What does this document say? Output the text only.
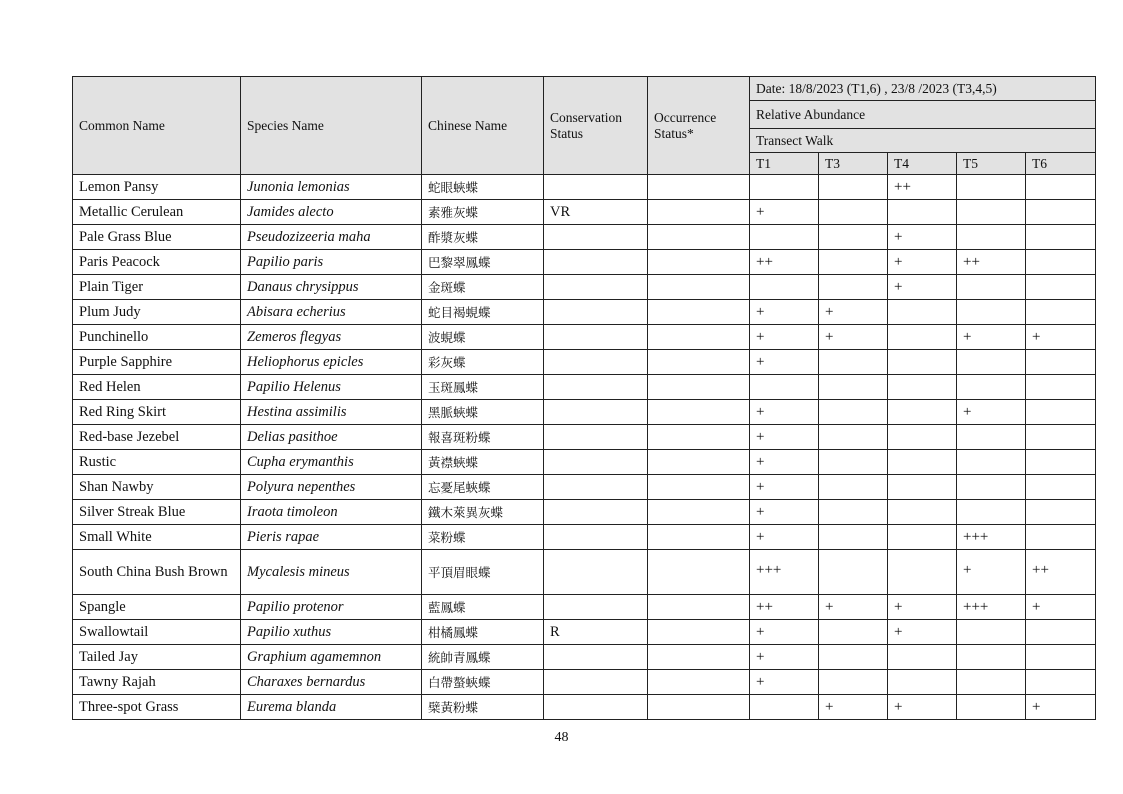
Common Name	Species Name	Chinese Name	Conservation Status	Occurrence Status*	Date: 18/8/2023 (T1,6) , 23/8 /2023 (T3,4,5)				
					Relative Abundance				
					Transect Walk				
					T1	T3	T4	T5	T6
Lemon Pansy	Junonia lemonias	蛇眼蛺蝶					++		
Metallic Cerulean	Jamides alecto	素雅灰蝶	VR		+				
Pale Grass Blue	Pseudozizeeria maha	酢漿灰蝶					+		
Paris Peacock	Papilio paris	巴黎翠鳳蝶			++		+	++	
Plain Tiger	Danaus chrysippus	金斑蝶					+		
Plum Judy	Abisara echerius	蛇目褐蜆蝶			+	+			
Punchinello	Zemeros flegyas	波蜆蝶			+	+		+	+
Purple Sapphire	Heliophorus epicles	彩灰蝶			+				
Red Helen	Papilio Helenus	玉斑鳳蝶							
Red Ring Skirt	Hestina assimilis	黑脈蛺蝶			+			+	
Red-base Jezebel	Delias pasithoe	報喜斑粉蝶			+				
Rustic	Cupha erymanthis	黃襟蛺蝶			+				
Shan Nawby	Polyura nepenthes	忘憂尾蛺蝶			+				
Silver Streak Blue	Iraota timoleon	鐵木萊異灰蝶			+				
Small White	Pieris rapae	菜粉蝶			+			+++	
South China Bush Brown	Mycalesis mineus	平頂眉眼蝶			+++			+	++
Spangle	Papilio protenor	藍鳳蝶			++	+	+	+++	+
Swallowtail	Papilio xuthus	柑橘鳳蝶	R		+		+		
Tailed Jay	Graphium agamemnon	統帥青鳳蝶			+				
Tawny Rajah	Charaxes bernardus	白帶螯蛺蝶			+				
Three-spot Grass	Eurema blanda	檗黃粉蝶				+	+		+
48
